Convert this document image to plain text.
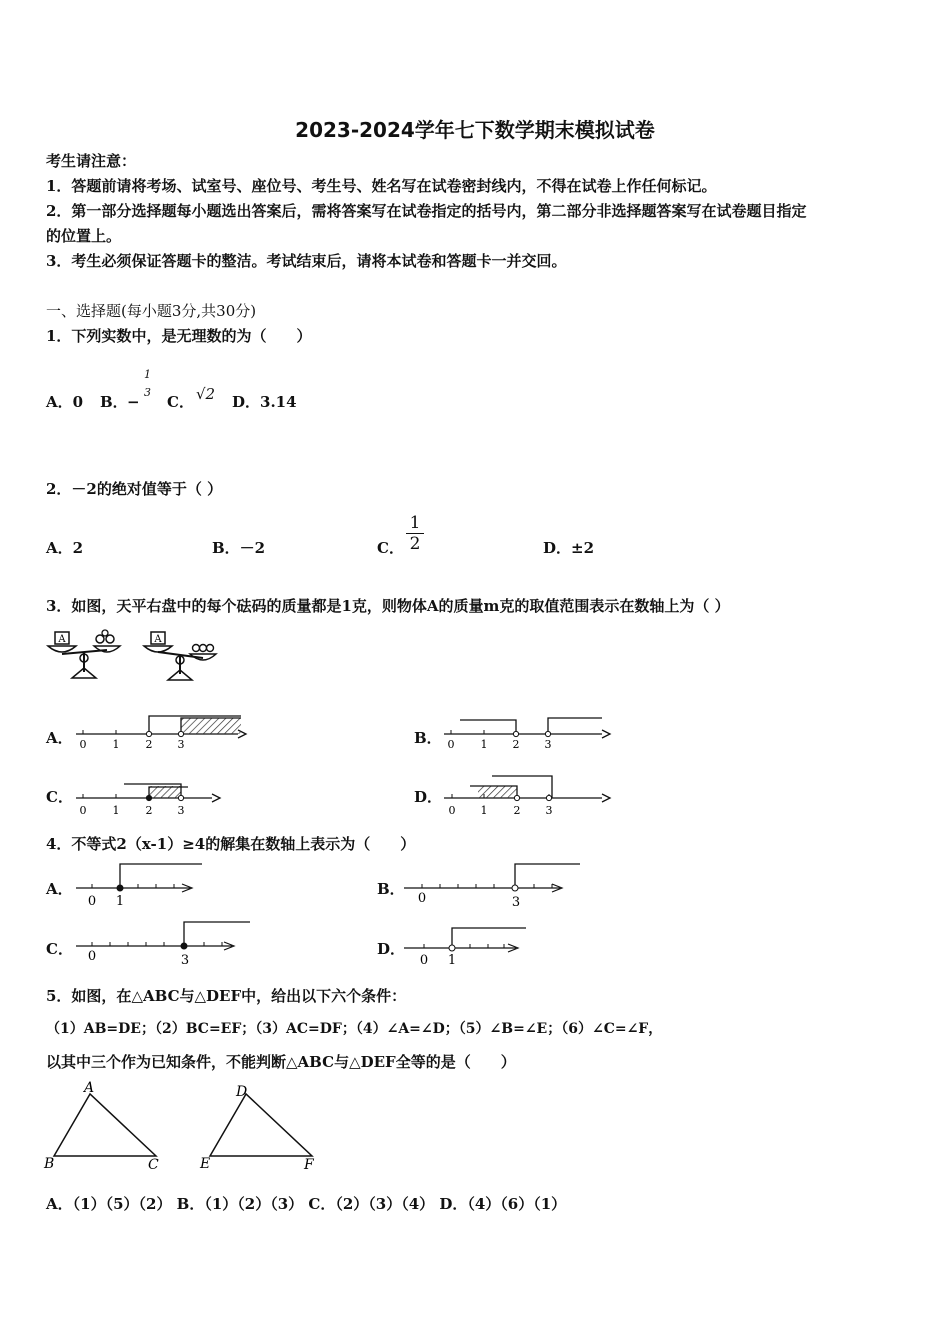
2023-2024学年七下数学期末模拟试卷
考生请注意：
1．答题前请将考场、试室号、座位号、考生号、姓名写在试卷密封线内，不得在试卷上作任何标记。
2．第一部分选择题每小题选出答案后，需将答案写在试卷指定的括号内，第二部分非选择题答案写在试卷题目指定
的位置上。
3．考生必须保证答题卡的整洁。考试结束后，请将本试卷和答题卡一并交回。
一、选择题(每小题3分,共30分)
1．下列实数中，是无理数的为（　　）
A．0 B． −
1
3
C． √2 D．3.14
2．－2的绝对值等于（ ）
A．2	B．－2	C．
1
2	D．±2
3．如图，天平右盘中的每个砝码的质量都是1克，则物体A的质量m克的取值范围表示在数轴上为（ ）
A	A
A． 0 1 2 3	B． 0 1 2 3
C．
0 1 2 3
D．
0 1 2 3
4．不等式2（x-1）≥4的解集在数轴上表示为（　　）
A．
0 1
B．
0	3
C． 0	3
D．
0 1
5．如图，在△ABC与△DEF中，给出以下六个条件：
（1）AB=DE；（2）BC=EF；（3）AC=DF；（4）∠A=∠D；（5）∠B=∠E；（6）∠C=∠F，
以其中三个作为已知条件，不能判断△ABC与△DEF全等的是（　　）
A
B	C
D
E	F
A．（1）（5）（2） B．（1）（2）（3） C．（2）（3）（4） D．（4）（6）（1）
